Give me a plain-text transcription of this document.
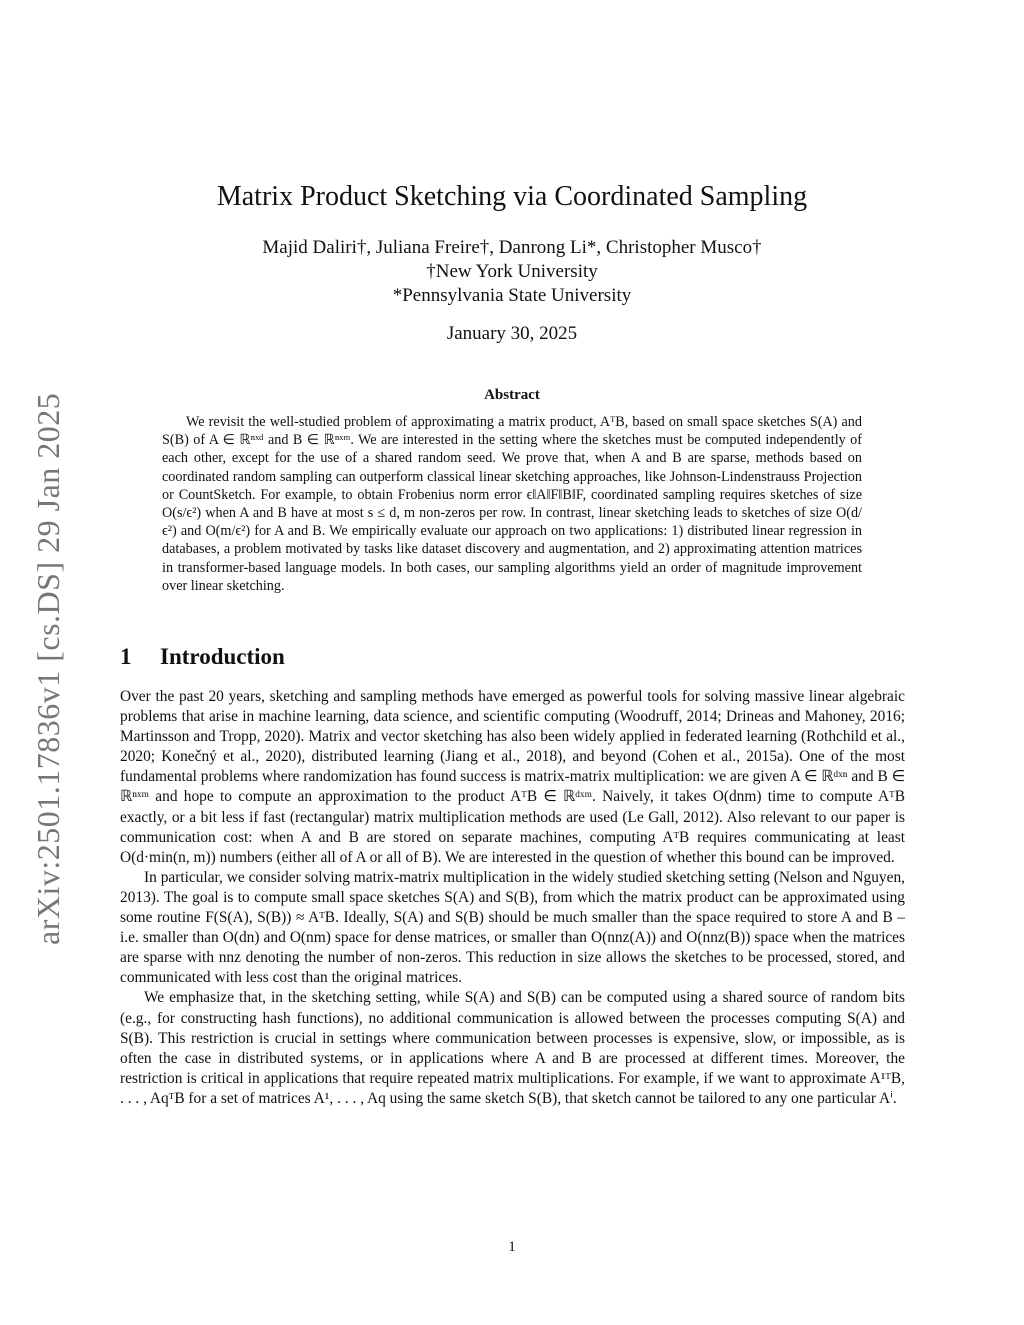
arXiv:2501.17836v1 [cs.DS] 29 Jan 2025
Matrix Product Sketching via Coordinated Sampling
Majid Daliri†, Juliana Freire†, Danrong Li*, Christopher Musco†
†New York University
*Pennsylvania State University
January 30, 2025
Abstract

We revisit the well-studied problem of approximating a matrix product, AᵀB, based on small space sketches S(A) and S(B) of A ∈ ℝⁿˣᵈ and B ∈ ℝⁿˣᵐ. We are interested in the setting where the sketches must be computed independently of each other, except for the use of a shared random seed. We prove that, when A and B are sparse, methods based on coordinated random sampling can outperform classical linear sketching approaches, like Johnson-Lindenstrauss Projection or CountSketch. For example, to obtain Frobenius norm error ϵ‖A‖F‖B‖F, coordinated sampling requires sketches of size O(s/ϵ²) when A and B have at most s ≤ d, m non-zeros per row. In contrast, linear sketching leads to sketches of size O(d/ϵ²) and O(m/ϵ²) for A and B. We empirically evaluate our approach on two applications: 1) distributed linear regression in databases, a problem motivated by tasks like dataset discovery and augmentation, and 2) approximating attention matrices in transformer-based language models. In both cases, our sampling algorithms yield an order of magnitude improvement over linear sketching.

1 Introduction

Over the past 20 years, sketching and sampling methods have emerged as powerful tools for solving massive linear algebraic problems that arise in machine learning, data science, and scientific computing (Woodruff, 2014; Drineas and Mahoney, 2016; Martinsson and Tropp, 2020). Matrix and vector sketching has also been widely applied in federated learning (Rothchild et al., 2020; Konečný et al., 2020), distributed learning (Jiang et al., 2018), and beyond (Cohen et al., 2015a). One of the most fundamental problems where randomization has found success is matrix-matrix multiplication: we are given A ∈ ℝᵈˣⁿ and B ∈ ℝⁿˣᵐ and hope to compute an approximation to the product AᵀB ∈ ℝᵈˣᵐ. Naively, it takes O(dnm) time to compute AᵀB exactly, or a bit less if fast (rectangular) matrix multiplication methods are used (Le Gall, 2012). Also relevant to our paper is communication cost: when A and B are stored on separate machines, computing AᵀB requires communicating at least O(d·min(n, m)) numbers (either all of A or all of B). We are interested in the question of whether this bound can be improved.

In particular, we consider solving matrix-matrix multiplication in the widely studied sketching setting (Nelson and Nguyen, 2013). The goal is to compute small space sketches S(A) and S(B), from which the matrix product can be approximated using some routine F(S(A), S(B)) ≈ AᵀB. Ideally, S(A) and S(B) should be much smaller than the space required to store A and B – i.e. smaller than O(dn) and O(nm) space for dense matrices, or smaller than O(nnz(A)) and O(nnz(B)) space when the matrices are sparse with nnz denoting the number of non-zeros. This reduction in size allows the sketches to be processed, stored, and communicated with less cost than the original matrices.

We emphasize that, in the sketching setting, while S(A) and S(B) can be computed using a shared source of random bits (e.g., for constructing hash functions), no additional communication is allowed between the processes computing S(A) and S(B). This restriction is crucial in settings where communication between processes is expensive, slow, or impossible, as is often the case in distributed systems, or in applications where A and B are processed at different times. Moreover, the restriction is critical in applications that require repeated matrix multiplications. For example, if we want to approximate A¹ᵀB, . . . , AqᵀB for a set of matrices A¹, . . . , Aq using the same sketch S(B), that sketch cannot be tailored to any one particular Aⁱ.

1
